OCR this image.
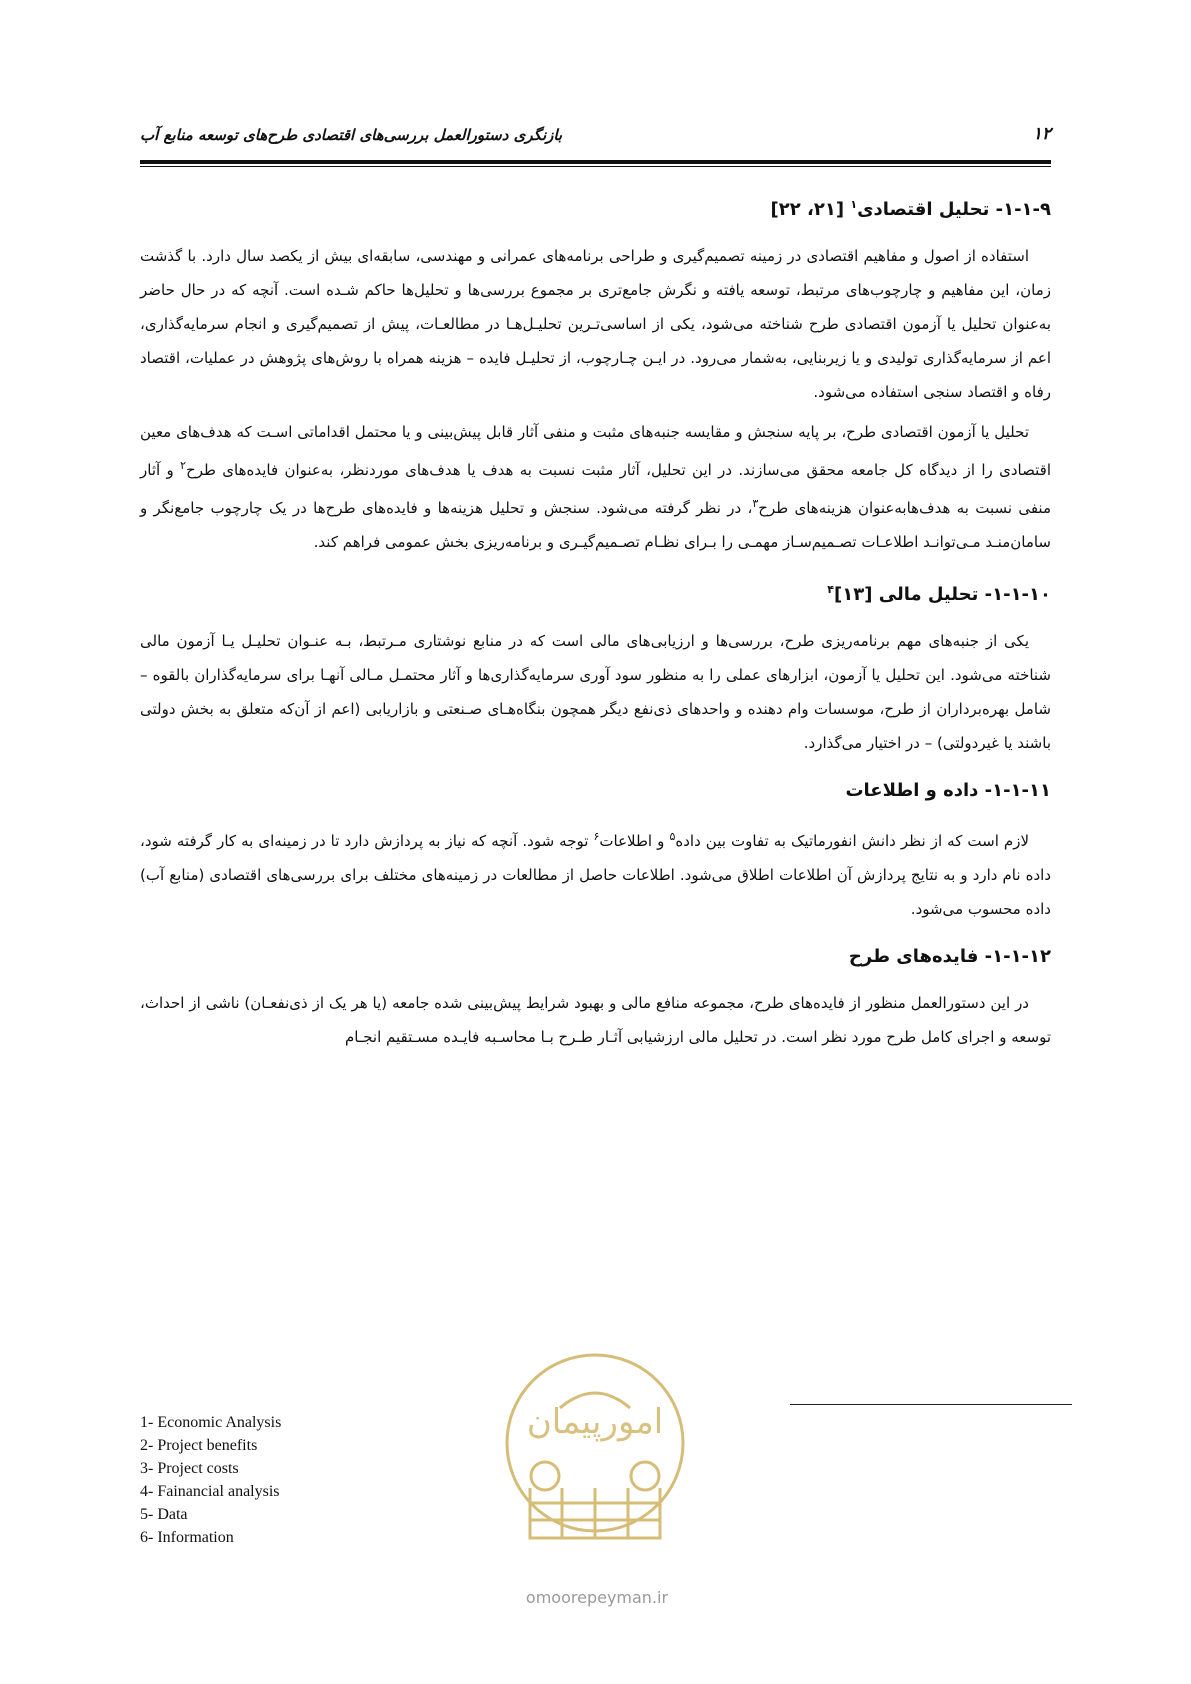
۱۲
بازنگری دستورالعمل بررسی‌های اقتصادی طرح‌های توسعه منابع آب
۱-۱-۹- تحلیل اقتصادی$^۱$ [۲۱، ۲۲]

استفاده از اصول و مفاهیم اقتصادی در زمینه تصمیم‌گیری و طراحی برنامه‌های عمرانی و مهندسی، سابقه‌ای بیش از یکصد سال دارد. با گذشت زمان، این مفاهیم و چارچوب‌های مرتبط، توسعه یافته و نگرش جامع‌تری بر مجموع بررسی‌ها و تحلیل‌ها حاکم شـده است. آنچه که در حال حاضر به‌عنوان تحلیل یا آزمون اقتصادی طرح شناخته می‌شود، یکی از اساسی‌تـرین تحلیـل‌هـا در مطالعـات، پیش از تصمیم‌گیری و انجام سرمایه‌گذاری، اعم از سرمایه‌گذاری تولیدی و یا زیربنایی، به‌شمار می‌رود. در ایـن چـارچوب، از تحلیـل فایده – هزینه همراه با روش‌های پژوهش در عملیات، اقتصاد رفاه و اقتصاد سنجی استفاده می‌شود.

تحلیل یا آزمون اقتصادی طرح، بر پایه سنجش و مقایسه جنبه‌های مثبت و منفی آثار قابل پیش‌بینی و یا محتمل اقداماتی اسـت که هدف‌های معین اقتصادی را از دیدگاه کل جامعه محقق می‌سازند. در این تحلیل، آثار مثبت نسبت به هدف یا هدف‌های موردنظر، به‌عنوان فایده‌های طرح$^۲$ و آثار منفی نسبت به هدف‌هابه‌عنوان هزینه‌های طرح$^۳$، در نظر گرفته می‌شود. سنجش و تحلیل هزینه‌ها و فایده‌های طرح‌ها در یک چارچوب جامع‌نگر و سامان‌منـد مـی‌توانـد اطلاعـات تصـمیم‌سـاز مهمـی را بـرای نظـام تصـمیم‌گیـری و برنامه‌ریزی بخش عمومی فراهم کند.

۱-۱-۱۰- تحلیل مالی [۱۳]$^۴$

یکی از جنبه‌های مهم برنامه‌ریزی طرح، بررسی‌ها و ارزیابی‌های مالی است که در منابع نوشتاری مـرتبط، بـه عنـوان تحلیـل یـا آزمون مالی شناخته می‌شود. این تحلیل یا آزمون، ابزارهای عملی را به منظور سود آوری سرمایه‌گذاری‌ها و آثار محتمـل مـالی آنهـا برای سرمایه‌گذاران بالقوه – شامل بهره‌برداران از طرح، موسسات وام دهنده و واحدهای ذی‌نفع دیگر همچون بنگاه‌هـای صـنعتی و بازاریابی (اعم از آن‌که متعلق به بخش دولتی باشند یا غیردولتی) – در اختیار می‌گذارد.

۱-۱-۱۱- داده و اطلاعات

لازم است که از نظر دانش انفورماتیک به تفاوت بین داده$^۵$ و اطلاعات$^۶$ توجه شود. آنچه که نیاز به پردازش دارد تا در زمینه‌ای به کار گرفته شود، داده نام دارد و به نتایج پردازش آن اطلاعات اطلاق می‌شود. اطلاعات حاصل از مطالعات در زمینه‌های مختلف برای بررسی‌های اقتصادی (منابع آب) داده محسوب می‌شود.

۱-۱-۱۲- فایده‌های طرح

در این دستورالعمل منظور از فایده‌های طرح، مجموعه منافع مالی و بهبود شرایط پیش‌بینی شده جامعه (یا هر یک از ذی‌نفعـان) ناشی از احداث، توسعه و اجرای کامل طرح مورد نظر است. در تحلیل مالی ارزشیابی آثـار طـرح بـا محاسـبه فایـده مسـتقیم انجـام

1- Economic Analysis
2- Project benefits
3- Project costs
4- Fainancial analysis
5- Data
6- Information
امورپیمان
omoorepeyman.ir
